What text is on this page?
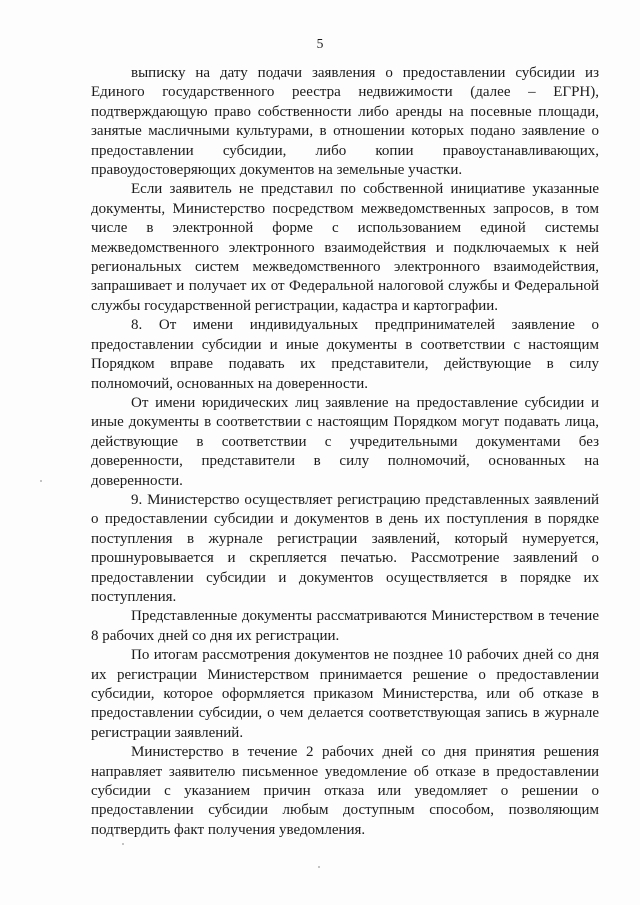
5

выписку на дату подачи заявления о предоставлении субсидии из Единого государственного реестра недвижимости (далее – ЕГРН), подтверждающую право собственности либо аренды на посевные площади, занятые масличными культурами, в отношении которых подано заявление о предоставлении субсидии, либо копии правоустанавливающих, правоудостоверяющих документов на земельные участки.

Если заявитель не представил по собственной инициативе указанные документы, Министерство посредством межведомственных запросов, в том числе в электронной форме с использованием единой системы межведомственного электронного взаимодействия и подключаемых к ней региональных систем межведомственного электронного взаимодействия, запрашивает и получает их от Федеральной налоговой службы и Федеральной службы государственной регистрации, кадастра и картографии.

8. От имени индивидуальных предпринимателей заявление о предоставлении субсидии и иные документы в соответствии с настоящим Порядком вправе подавать их представители, действующие в силу полномочий, основанных на доверенности.

От имени юридических лиц заявление на предоставление субсидии и иные документы в соответствии с настоящим Порядком могут подавать лица, действующие в соответствии с учредительными документами без доверенности, представители в силу полномочий, основанных на доверенности.

9. Министерство осуществляет регистрацию представленных заявлений о предоставлении субсидии и документов в день их поступления в порядке поступления в журнале регистрации заявлений, который нумеруется, прошнуровывается и скрепляется печатью. Рассмотрение заявлений о предоставлении субсидии и документов осуществляется в порядке их поступления.

Представленные документы рассматриваются Министерством в течение 8 рабочих дней со дня их регистрации.

По итогам рассмотрения документов не позднее 10 рабочих дней со дня их регистрации Министерством принимается решение о предоставлении субсидии, которое оформляется приказом Министерства, или об отказе в предоставлении субсидии, о чем делается соответствующая запись в журнале регистрации заявлений.

Министерство в течение 2 рабочих дней со дня принятия решения направляет заявителю письменное уведомление об отказе в предоставлении субсидии с указанием причин отказа или уведомляет о решении о предоставлении субсидии любым доступным способом, позволяющим подтвердить факт получения уведомления.
